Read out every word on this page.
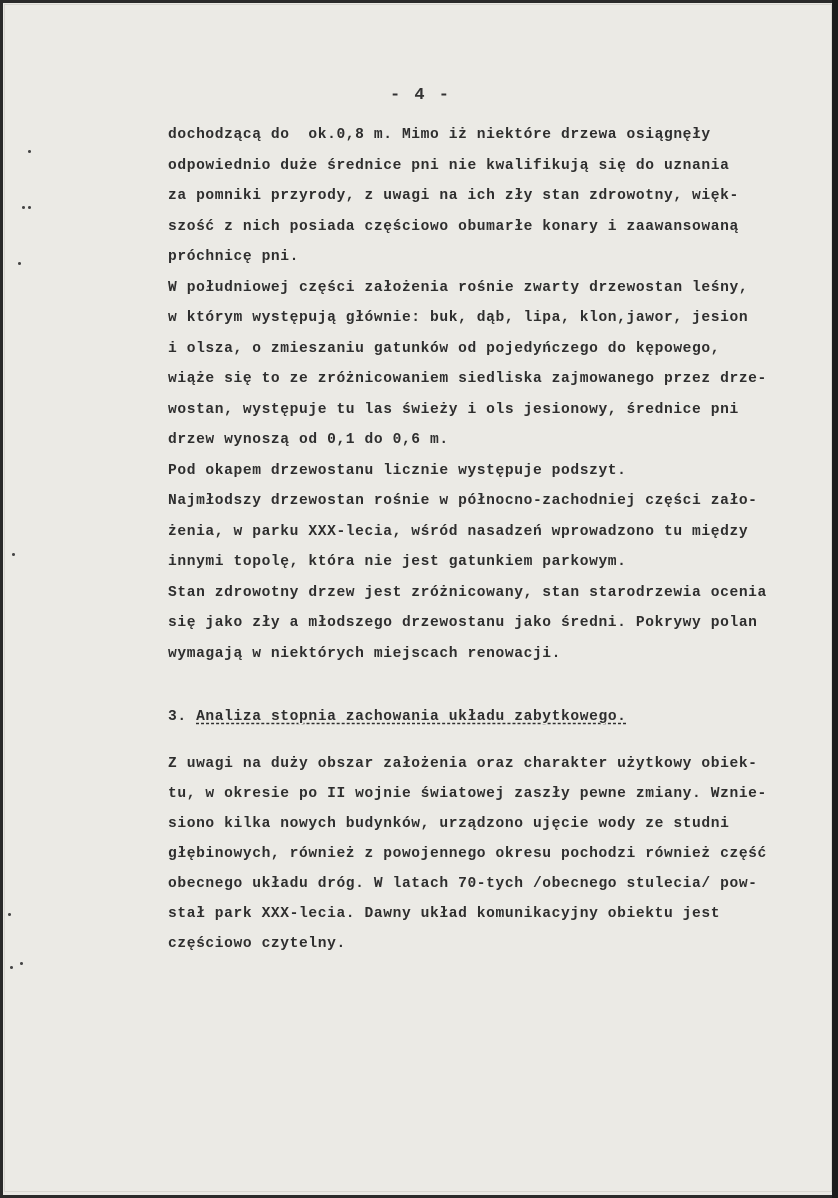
- 4 -
dochodzącą do  ok.0,8 m. Mimo iż niektóre drzewa osiągnęły
odpowiednio duże średnice pni nie kwalifikują się do uznania
za pomniki przyrody, z uwagi na ich zły stan zdrowotny, więk-
szość z nich posiada częściowo obumarłe konary i zaawansowaną
próchnicę pni.
W południowej części założenia rośnie zwarty drzewostan leśny,
w którym występują głównie: buk, dąb, lipa, klon,jawor, jesion
i olsza, o zmieszaniu gatunków od pojedyńczego do kępowego,
wiąże się to ze zróżnicowaniem siedliska zajmowanego przez drze-
wostan, występuje tu las świeży i ols jesionowy, średnice pni
drzew wynoszą od 0,1 do 0,6 m.
Pod okapem drzewostanu licznie występuje podszyt.
Najmłodszy drzewostan rośnie w północno-zachodniej części zało-
żenia, w parku XXX-lecia, wśród nasadzeń wprowadzono tu między
innymi topolę, która nie jest gatunkiem parkowym.
Stan zdrowotny drzew jest zróżnicowany, stan starodrzewia ocenia
się jako zły a młodszego drzewostanu jako średni. Pokrywy polan
wymagają w niektórych miejscach renowacji.
3. Analiza stopnia zachowania układu zabytkowego.
Z uwagi na duży obszar założenia oraz charakter użytkowy obiek-
tu, w okresie po II wojnie światowej zaszły pewne zmiany. Wznie-
siono kilka nowych budynków, urządzono ujęcie wody ze studni
głębinowych, również z powojennego okresu pochodzi również część
obecnego układu dróg. W latach 70-tych /obecnego stulecia/ pow-
stał park XXX-lecia. Dawny układ komunikacyjny obiektu jest
częściowo czytelny.
